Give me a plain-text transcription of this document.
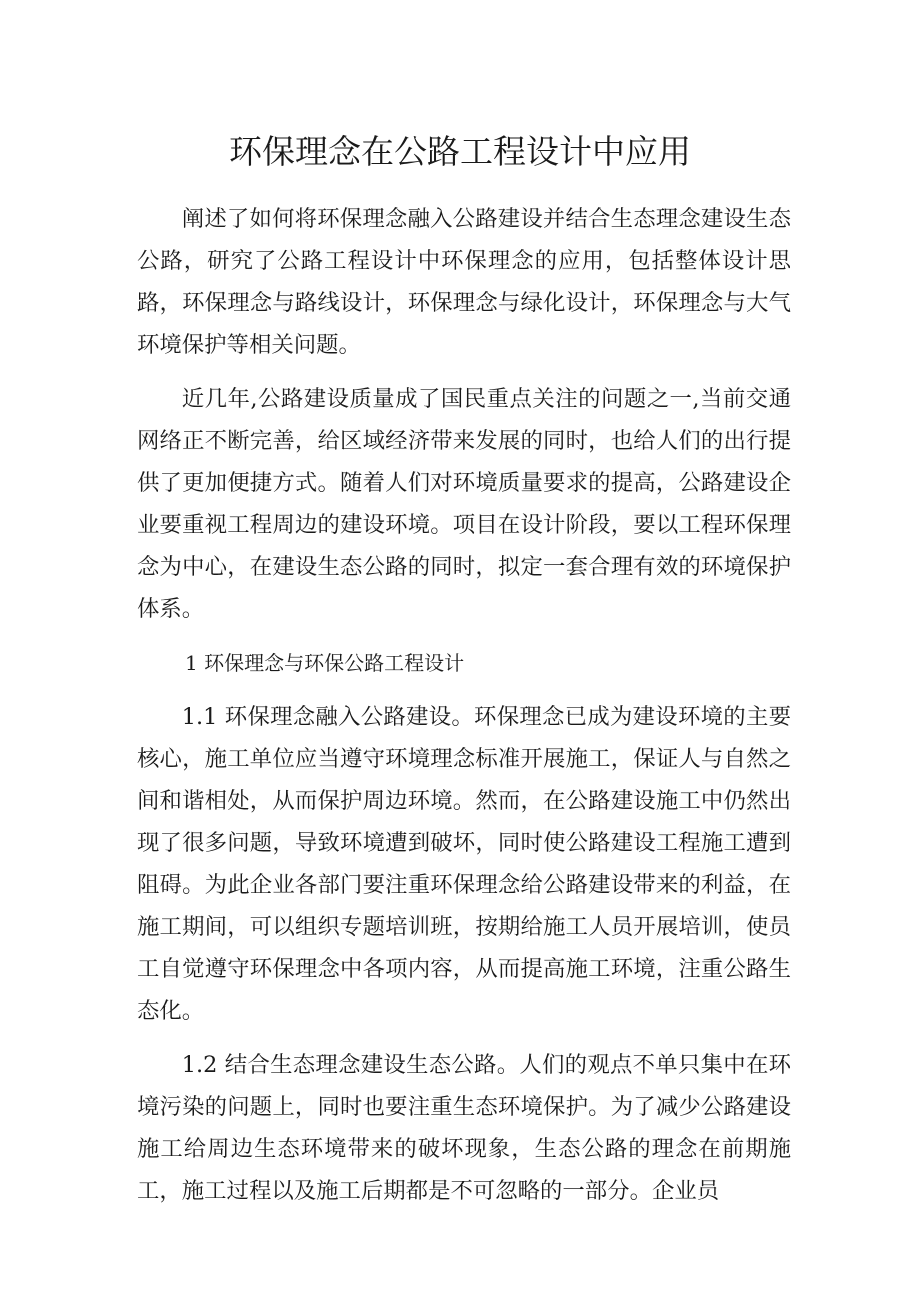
环保理念在公路工程设计中应用

阐述了如何将环保理念融入公路建设并结合生态理念建设生态公路，研究了公路工程设计中环保理念的应用，包括整体设计思路，环保理念与路线设计，环保理念与绿化设计，环保理念与大气环境保护等相关问题。

近几年,公路建设质量成了国民重点关注的问题之一,当前交通网络正不断完善，给区域经济带来发展的同时，也给人们的出行提供了更加便捷方式。随着人们对环境质量要求的提高，公路建设企业要重视工程周边的建设环境。项目在设计阶段，要以工程环保理念为中心，在建设生态公路的同时，拟定一套合理有效的环境保护体系。

1 环保理念与环保公路工程设计

1.1 环保理念融入公路建设。环保理念已成为建设环境的主要核心，施工单位应当遵守环境理念标准开展施工，保证人与自然之间和谐相处，从而保护周边环境。然而，在公路建设施工中仍然出现了很多问题，导致环境遭到破坏，同时使公路建设工程施工遭到阻碍。为此企业各部门要注重环保理念给公路建设带来的利益，在施工期间，可以组织专题培训班，按期给施工人员开展培训，使员工自觉遵守环保理念中各项内容，从而提高施工环境，注重公路生态化。

1.2 结合生态理念建设生态公路。人们的观点不单只集中在环境污染的问题上，同时也要注重生态环境保护。为了减少公路建设施工给周边生态环境带来的破坏现象，生态公路的理念在前期施工，施工过程以及施工后期都是不可忽略的一部分。企业员
